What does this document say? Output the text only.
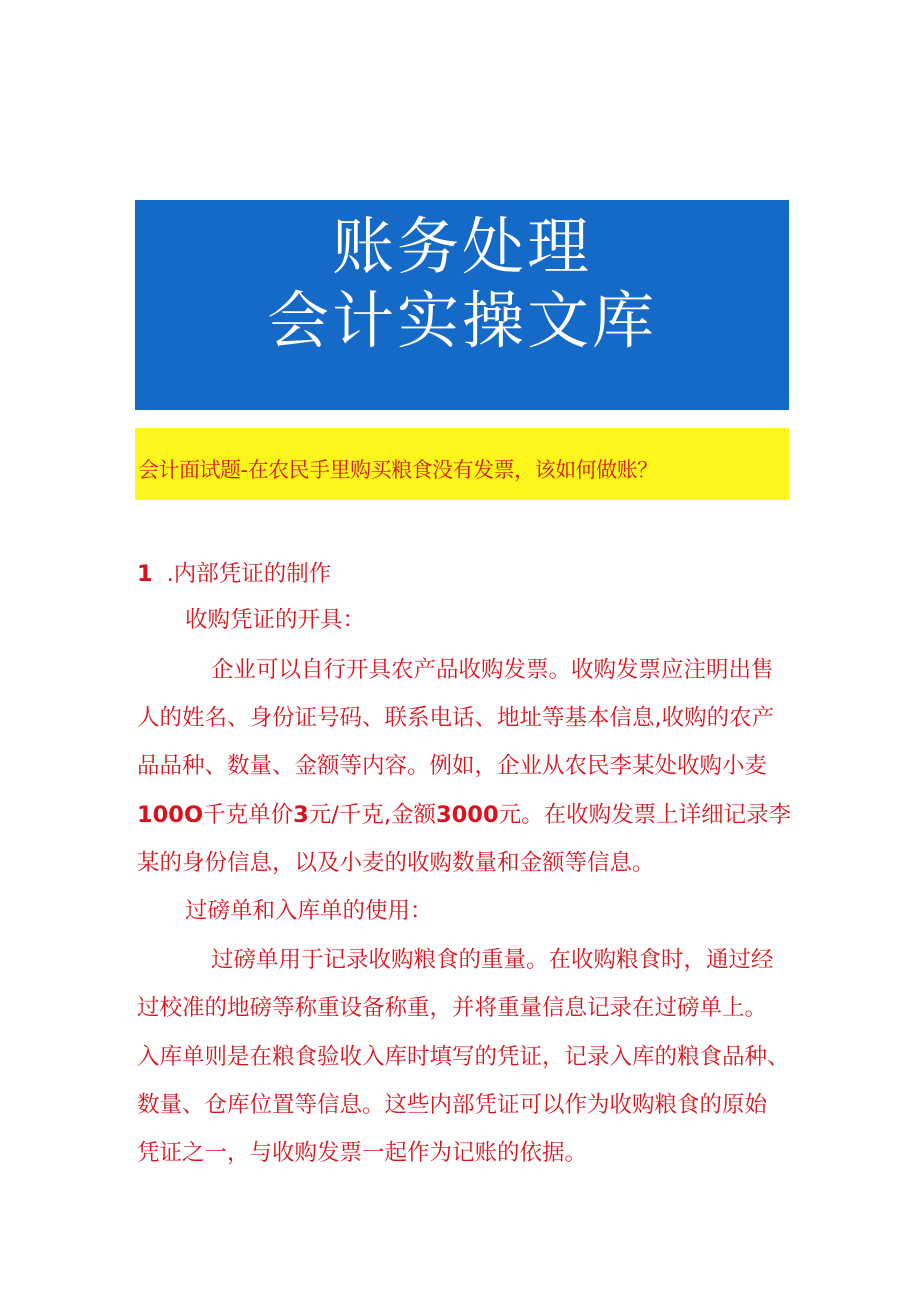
账务处理
会计实操文库
会计面试题-在农民手里购买粮食没有发票，该如何做账？
1 .内部凭证的制作
收购凭证的开具：
企业可以自行开具农产品收购发票。收购发票应注明出售
人的姓名、身份证号码、联系电话、地址等基本信息,收购的农产
品品种、数量、金额等内容。例如，企业从农民李某处收购小麦
100O千克单价3元/千克,金额3000元。在收购发票上详细记录李
某的身份信息，以及小麦的收购数量和金额等信息。
过磅单和入库单的使用：
过磅单用于记录收购粮食的重量。在收购粮食时，通过经
过校准的地磅等称重设备称重，并将重量信息记录在过磅单上。
入库单则是在粮食验收入库时填写的凭证，记录入库的粮食品种、
数量、仓库位置等信息。这些内部凭证可以作为收购粮食的原始
凭证之一，与收购发票一起作为记账的依据。
